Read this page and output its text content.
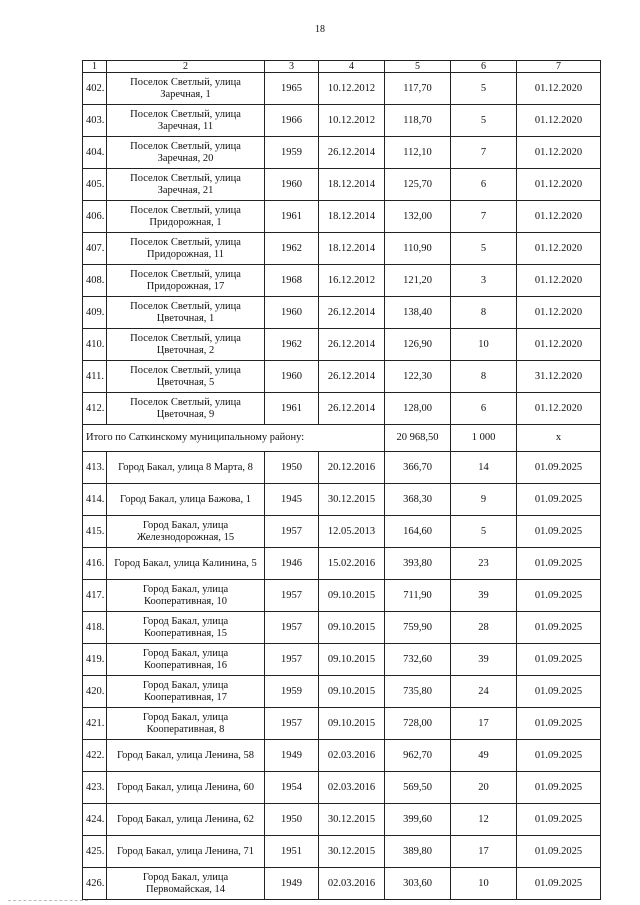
18
1	2	3	4	5	6	7
402.	Поселок Светлый, улица Заречная, 1	1965	10.12.2012	117,70	5	01.12.2020
403.	Поселок Светлый, улица Заречная, 11	1966	10.12.2012	118,70	5	01.12.2020
404.	Поселок Светлый, улица Заречная, 20	1959	26.12.2014	112,10	7	01.12.2020
405.	Поселок Светлый, улица Заречная, 21	1960	18.12.2014	125,70	6	01.12.2020
406.	Поселок Светлый, улица Придорожная, 1	1961	18.12.2014	132,00	7	01.12.2020
407.	Поселок Светлый, улица Придорожная, 11	1962	18.12.2014	110,90	5	01.12.2020
408.	Поселок Светлый, улица Придорожная, 17	1968	16.12.2012	121,20	3	01.12.2020
409.	Поселок Светлый, улица Цветочная, 1	1960	26.12.2014	138,40	8	01.12.2020
410.	Поселок Светлый, улица Цветочная, 2	1962	26.12.2014	126,90	10	01.12.2020
411.	Поселок Светлый, улица Цветочная, 5	1960	26.12.2014	122,30	8	31.12.2020
412.	Поселок Светлый, улица Цветочная, 9	1961	26.12.2014	128,00	6	01.12.2020
Итого по Саткинскому муниципальному району:				20 968,50	1 000	х
413.	Город Бакал, улица 8 Марта, 8	1950	20.12.2016	366,70	14	01.09.2025
414.	Город Бакал, улица Бажова, 1	1945	30.12.2015	368,30	9	01.09.2025
415.	Город Бакал, улица Железнодорожная, 15	1957	12.05.2013	164,60	5	01.09.2025
416.	Город Бакал, улица Калинина, 5	1946	15.02.2016	393,80	23	01.09.2025
417.	Город Бакал, улица Кооперативная, 10	1957	09.10.2015	711,90	39	01.09.2025
418.	Город Бакал, улица Кооперативная, 15	1957	09.10.2015	759,90	28	01.09.2025
419.	Город Бакал, улица Кооперативная, 16	1957	09.10.2015	732,60	39	01.09.2025
420.	Город Бакал, улица Кооперативная, 17	1959	09.10.2015	735,80	24	01.09.2025
421.	Город Бакал, улица Кооперативная, 8	1957	09.10.2015	728,00	17	01.09.2025
422.	Город Бакал, улица Ленина, 58	1949	02.03.2016	962,70	49	01.09.2025
423.	Город Бакал, улица Ленина, 60	1954	02.03.2016	569,50	20	01.09.2025
424.	Город Бакал, улица Ленина, 62	1950	30.12.2015	399,60	12	01.09.2025
425.	Город Бакал, улица Ленина, 71	1951	30.12.2015	389,80	17	01.09.2025
426.	Город Бакал, улица Первомайская, 14	1949	02.03.2016	303,60	10	01.09.2025
